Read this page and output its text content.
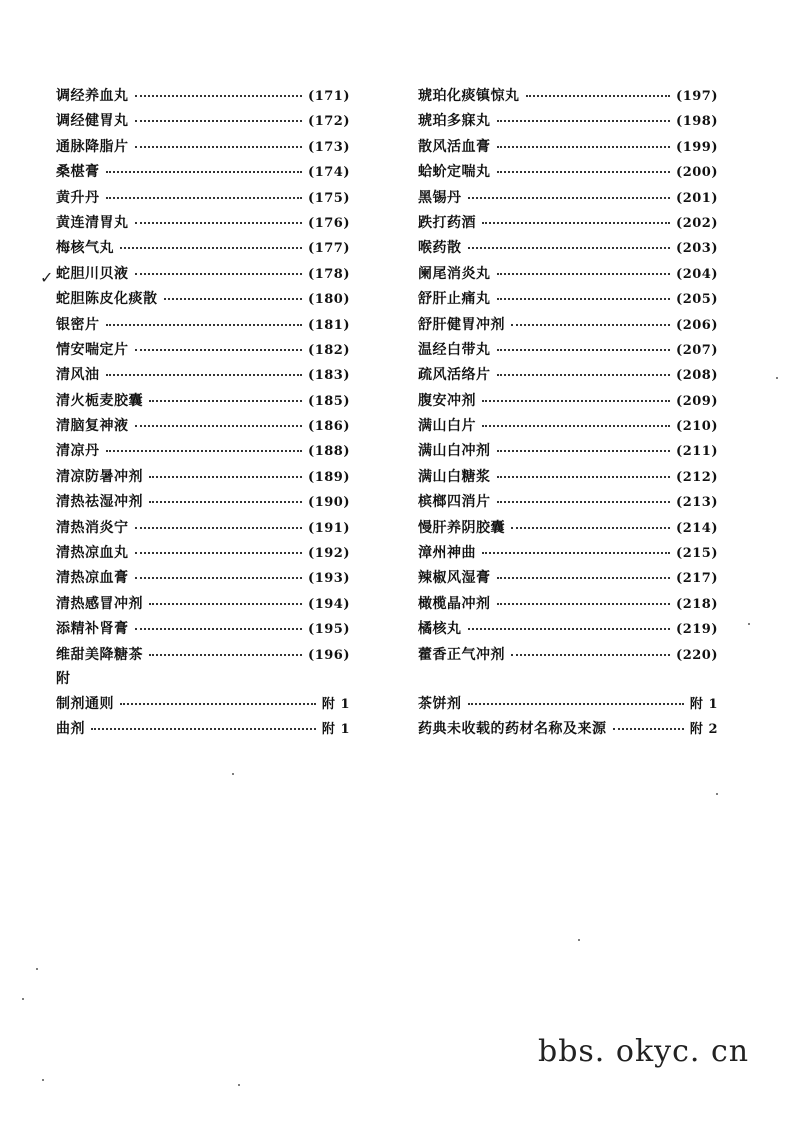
调经养血丸	(171)
调经健胃丸	(172)
通脉降脂片	(173)
桑椹膏	(174)
黄升丹	(175)
黄连清胃丸	(176)
梅核气丸	(177)
蛇胆川贝液	(178)
蛇胆陈皮化痰散	(180)
银密片	(181)
情安喘定片	(182)
清风油	(183)
清火栀麦胶囊	(185)
清脑复神液	(186)
清凉丹	(188)
清凉防暑冲剂	(189)
清热祛湿冲剂	(190)
清热消炎宁	(191)
清热凉血丸	(192)
清热凉血膏	(193)
清热感冒冲剂	(194)
添精补肾膏	(195)
维甜美降糖茶	(196)
琥珀化痰镇惊丸	(197)
琥珀多寐丸	(198)
散风活血膏	(199)
蛤蚧定喘丸	(200)
黑锡丹	(201)
跌打药酒	(202)
喉药散	(203)
阑尾消炎丸	(204)
舒肝止痛丸	(205)
舒肝健胃冲剂	(206)
温经白带丸	(207)
疏风活络片	(208)
腹安冲剂	(209)
满山白片	(210)
满山白冲剂	(211)
满山白糖浆	(212)
槟榔四消片	(213)
慢肝养阴胶囊	(214)
漳州神曲	(215)
辣椒风湿膏	(217)
橄榄晶冲剂	(218)
橘核丸	(219)
藿香正气冲剂	(220)
✓
附
制剂通则	附 1
曲剂	附 1
茶饼剂	附 1
药典未收载的药材名称及来源	附 2
bbs. okyc. cn
